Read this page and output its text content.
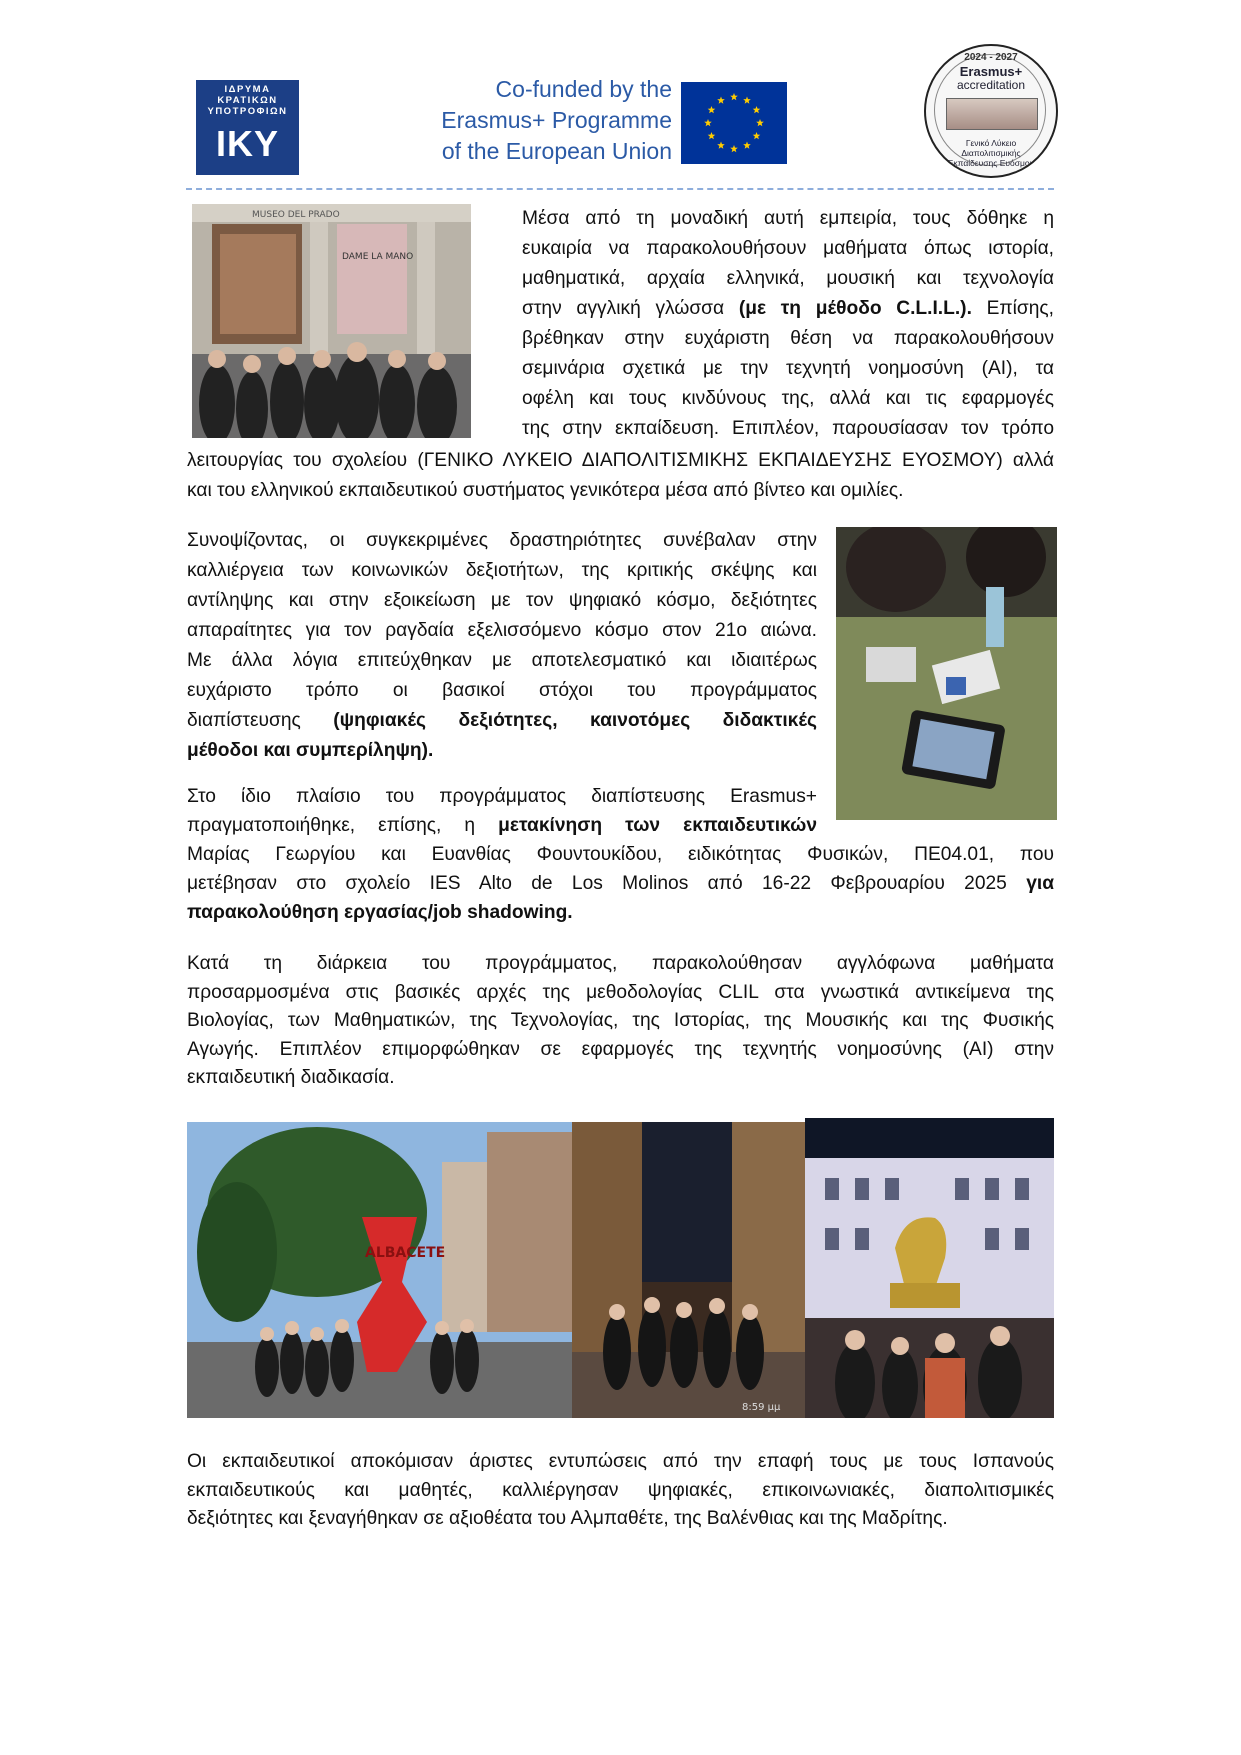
ΙΔΡΥΜΑ
ΚΡΑΤΙΚΩΝ
ΥΠΟΤΡΟΦΙΩΝ
IKY
Co-funded by the
Erasmus+ Programme
of the European Union
2024 - 2027
Erasmus+
accreditation
Γενικό Λύκειο
Διαπολιτισμικής
Εκπαίδευσης Ευόσμου
MUSEO DEL PRADO
DAME LA MANO
Μέσα από τη μοναδική αυτή εμπειρία, τους δόθηκε η
ευκαιρία να παρακολουθήσουν μαθήματα όπως ιστορία,
μαθηματικά, αρχαία ελληνικά, μουσική και τεχνολογία
στην αγγλική γλώσσα (με τη μέθοδο C.L.I.L.). Επίσης,
βρέθηκαν στην ευχάριστη θέση να παρακολουθήσουν
σεμινάρια σχετικά με την τεχνητή νοημοσύνη (AI), τα
οφέλη και τους κινδύνους της, αλλά και τις εφαρμογές
της στην εκπαίδευση. Επιπλέον, παρουσίασαν τον τρόπο
λειτουργίας του σχολείου (ΓΕΝΙΚΟ ΛΥΚΕΙΟ ΔΙΑΠΟΛΙΤΙΣΜΙΚΗΣ ΕΚΠΑΙΔΕΥΣΗΣ ΕΥΟΣΜΟΥ) αλλά
και του ελληνικού εκπαιδευτικού συστήματος γενικότερα μέσα από βίντεο και ομιλίες.
Συνοψίζοντας, οι συγκεκριμένες δραστηριότητες συνέβαλαν στην
καλλιέργεια των κοινωνικών δεξιοτήτων, της κριτικής σκέψης και
αντίληψης και στην εξοικείωση με τον ψηφιακό κόσμο, δεξιότητες
απαραίτητες για τον ραγδαία εξελισσόμενο κόσμο στον 21ο αιώνα.
Με άλλα λόγια επιτεύχθηκαν με αποτελεσματικό και ιδιαιτέρως
ευχάριστο τρόπο οι βασικοί στόχοι του προγράμματος
διαπίστευσης (ψηφιακές δεξιότητες, καινοτόμες διδακτικές
μέθοδοι και συμπερίληψη).
Στο ίδιο πλαίσιο του προγράμματος διαπίστευσης Erasmus+
πραγματοποιήθηκε, επίσης, η μετακίνηση των εκπαιδευτικών
Μαρίας Γεωργίου και Ευανθίας Φουντουκίδου, ειδικότητας Φυσικών, ΠΕ04.01, που
μετέβησαν στο σχολείο IES Alto de Los Molinos από 16-22 Φεβρουαρίου 2025 για
παρακολούθηση εργασίας/job shadowing.
Κατά τη διάρκεια του προγράμματος, παρακολούθησαν αγγλόφωνα μαθήματα
προσαρμοσμένα στις βασικές αρχές της μεθοδολογίας CLIL στα γνωστικά αντικείμενα της
Βιολογίας, των Μαθηματικών, της Τεχνολογίας, της Ιστορίας, της Μουσικής και της Φυσικής
Αγωγής. Επιπλέον επιμορφώθηκαν σε εφαρμογές της τεχνητής νοημοσύνης (AI) στην
εκπαιδευτική διαδικασία.
ALBACETE
8:59 μμ
Οι εκπαιδευτικοί αποκόμισαν άριστες εντυπώσεις από την επαφή τους με τους Ισπανούς
εκπαιδευτικούς και μαθητές, καλλιέργησαν ψηφιακές, επικοινωνιακές, διαπολιτισμικές
δεξιότητες και ξεναγήθηκαν σε αξιοθέατα του Αλμπαθέτε, της Βαλένθιας και της Μαδρίτης.
